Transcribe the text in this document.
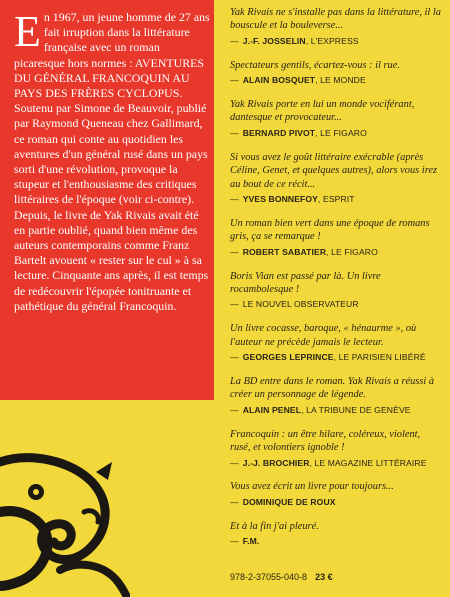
En 1967, un jeune homme de 27 ans fait irruption dans la littérature française avec un roman picaresque hors normes : AVENTURES DU GÉNÉRAL FRANCOQUIN AU PAYS DES FRÈRES CYCLOPUS. Soutenu par Simone de Beauvoir, publié par Raymond Queneau chez Gallimard, ce roman qui conte au quotidien les aventures d'un général rusé dans un pays sorti d'une révolution, provoque la stupeur et l'enthousiasme des critiques littéraires de l'époque (voir ci-contre). Depuis, le livre de Yak Rivais avait été en partie oublié, quand bien même des auteurs contemporains comme Franz Bartelt avouent « rester sur le cul » à sa lecture. Cinquante ans après, il est temps de redécouvrir l'épopée tonitruante et pathétique du général Francoquin.
Yak Rivais ne s'installe pas dans la littérature, il la bouscule et la bouleverse...
— J.-F. JOSSELIN, L'EXPRESS
Spectateurs gentils, écartez-vous : il rue.
— ALAIN BOSQUET, LE MONDE
Yak Rivais porte en lui un monde vociférant, dantesque et provocateur...
— BERNARD PIVOT, LE FIGARO
Si vous avez le goût littéraire exécrable (après Céline, Genet, et quelques autres), alors vous irez au bout de ce récit...
— YVES BONNEFOY, ESPRIT
Un roman bien vert dans une époque de romans gris, ça se remarque !
— ROBERT SABATIER, LE FIGARO
Boris Vian est passé par là. Un livre rocambolesque !
— LE NOUVEL OBSERVATEUR
Un livre cocasse, baroque, « hénaurme », où l'auteur ne précède jamais le lecteur.
— GEORGES LEPRINCE, LE PARISIEN LIBÉRÉ
La BD entre dans le roman. Yak Rivais a réussi à créer un personnage de légende.
— ALAIN PENEL, LA TRIBUNE DE GENÈVE
Francoquin : un être hilare, coléreux, violent, rusé, et volontiers ignoble !
— J.-J. BROCHIER, LE MAGAZINE LITTÉRAIRE
Vous avez écrit un livre pour toujours...
— DOMINIQUE DE ROUX
Et à la fin j'ai pleuré.
— F.M.
978-2-37055-040-8 23 €
